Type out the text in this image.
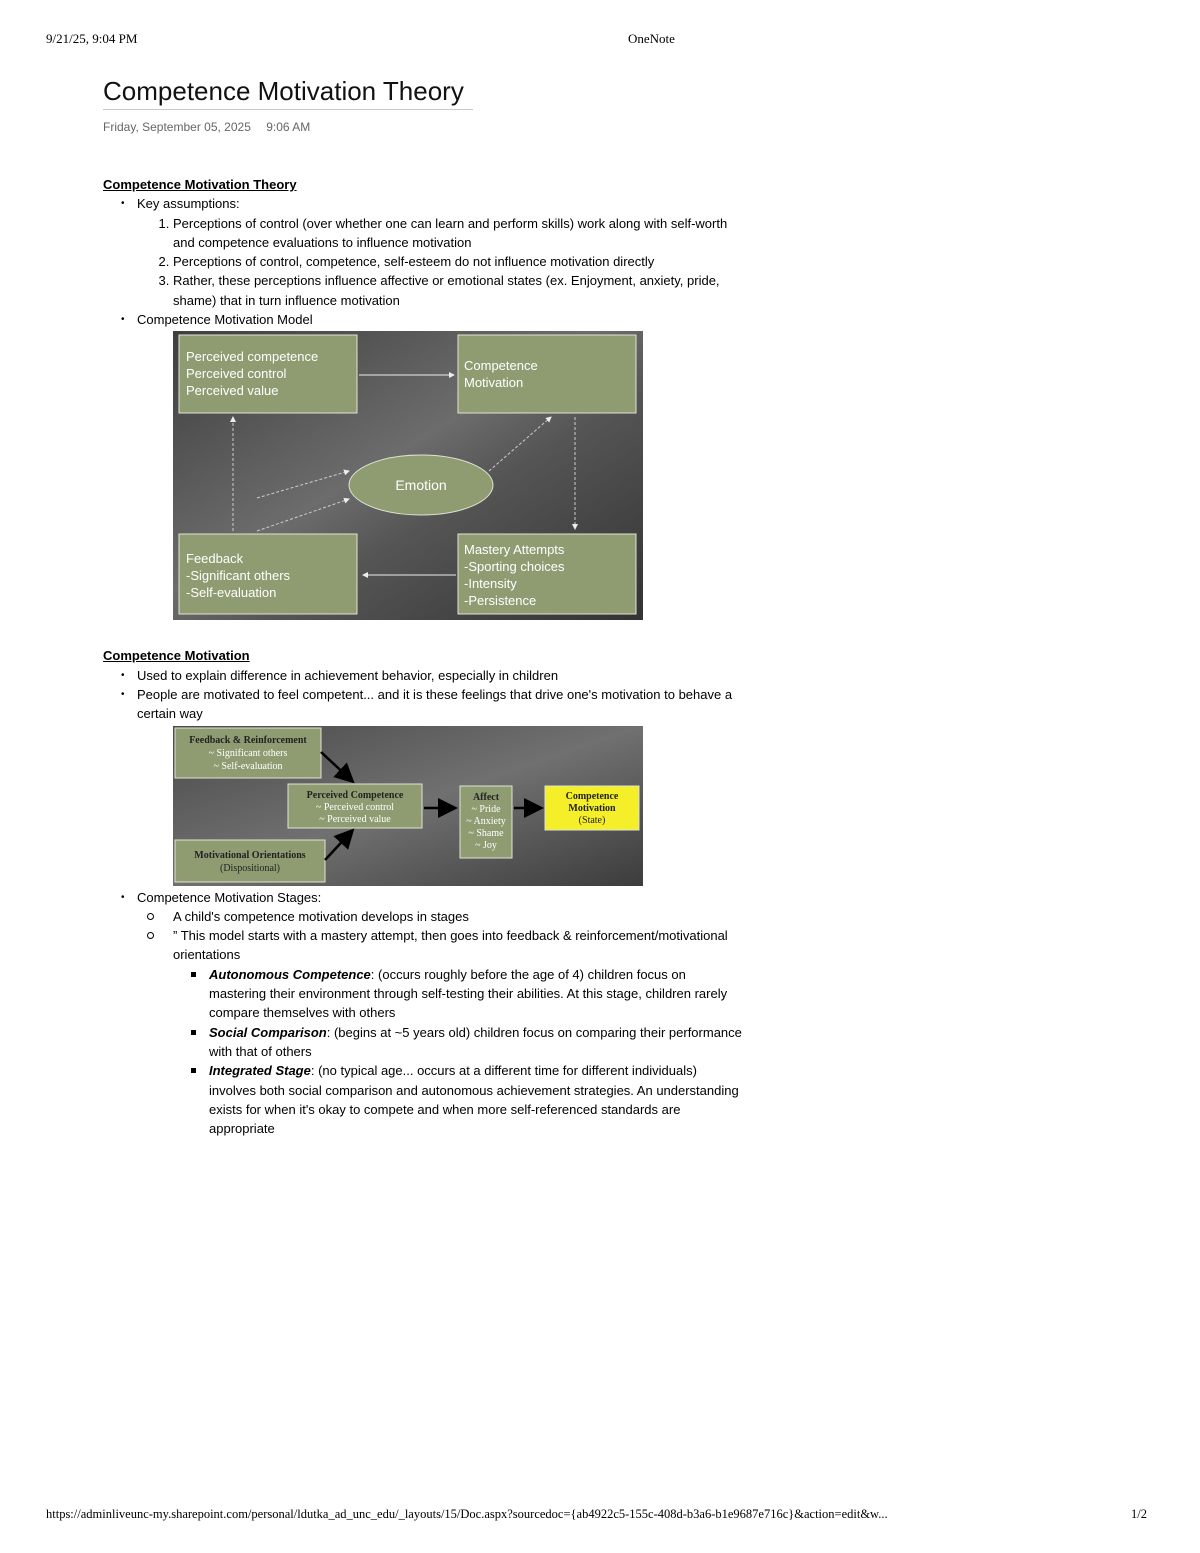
9/21/25, 9:04 PM	OneNote
Competence Motivation Theory
Friday, September 05, 2025 9:06 AM
Competence Motivation Theory
• Key assumptions:
1. Perceptions of control (over whether one can learn and perform skills) work along with self-worth and competence evaluations to influence motivation
2. Perceptions of control, competence, self-esteem do not influence motivation directly
3. Rather, these perceptions influence affective or emotional states (ex. Enjoyment, anxiety, pride, shame) that in turn influence motivation
• Competence Motivation Model
Perceived competence
Perceived control
Perceived value
Competence
Motivation
Emotion
Feedback
-Significant others
-Self-evaluation
Mastery Attempts
-Sporting choices
-Intensity
-Persistence
Competence Motivation
• Used to explain difference in achievement behavior, especially in children
• People are motivated to feel competent... and it is these feelings that drive one's motivation to behave a certain way
Feedback & Reinforcement
~ Significant others
~ Self-evaluation
Perceived Competence
~ Perceived control
~ Perceived value
Motivational Orientations
(Dispositional)
Affect
~ Pride
~ Anxiety
~ Shame
~ Joy
Competence
Motivation
(State)
• Competence Motivation Stages:
A child's competence motivation develops in stages
” This model starts with a mastery attempt, then goes into feedback & reinforcement/motivational orientations
Autonomous Competence: (occurs roughly before the age of 4) children focus on mastering their environment through self-testing their abilities. At this stage, children rarely compare themselves with others
Social Comparison: (begins at ~5 years old) children focus on comparing their performance with that of others
Integrated Stage: (no typical age... occurs at a different time for different individuals) involves both social comparison and autonomous achievement strategies. An understanding exists for when it's okay to compete and when more self-referenced standards are appropriate
https://adminliveunc-my.sharepoint.com/personal/ldutka_ad_unc_edu/_layouts/15/Doc.aspx?sourcedoc={ab4922c5-155c-408d-b3a6-b1e9687e716c}&action=edit&w...	1/2
